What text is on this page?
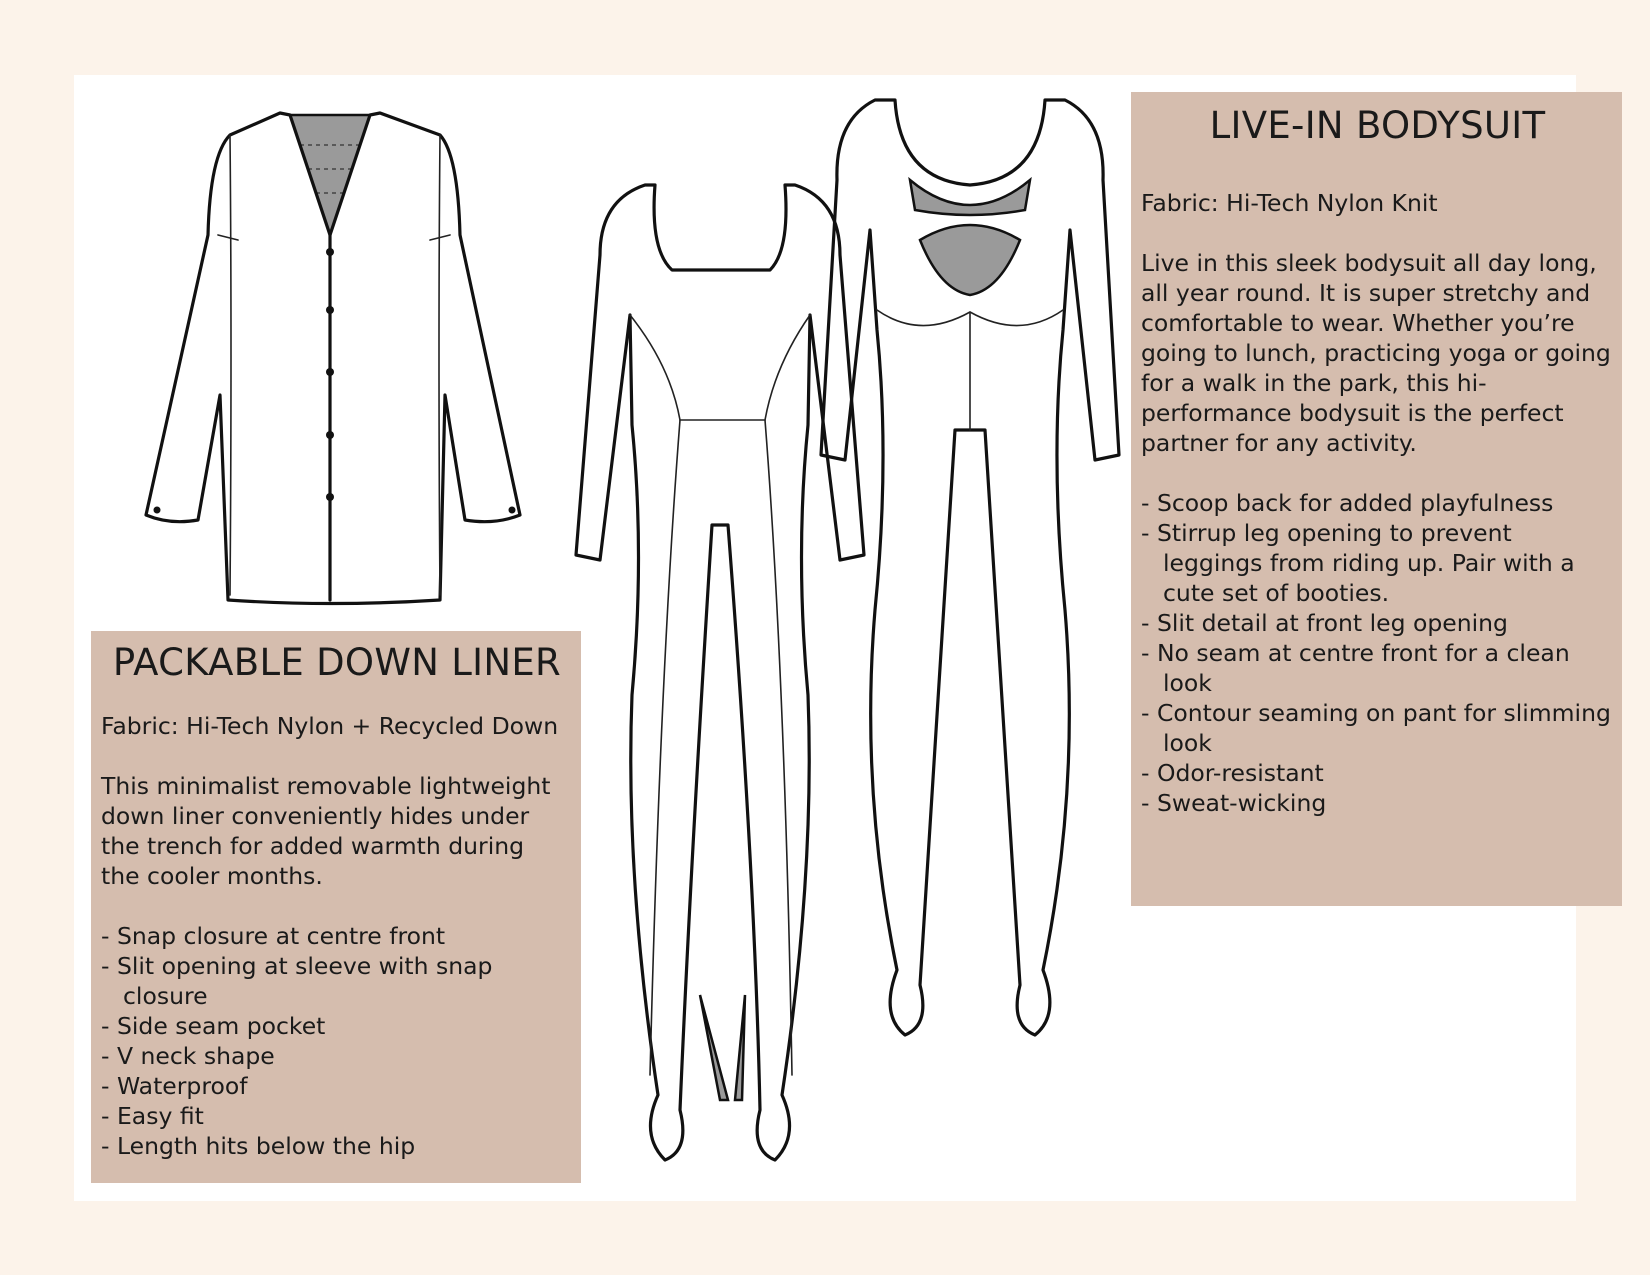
PACKABLE DOWN LINER

Fabric: Hi-Tech Nylon + Recycled Down

This minimalist removable lightweight down liner conveniently hides under the trench for added warmth during the cooler months.

- Snap closure at centre front
- Slit opening at sleeve with snap closure
- Side seam pocket
- V neck shape
- Waterproof
- Easy fit
- Length hits below the hip
LIVE-IN BODYSUIT

Fabric: Hi-Tech Nylon Knit

Live in this sleek bodysuit all day long, all year round. It is super stretchy and comfortable to wear. Whether you’re going to lunch, practicing yoga or going for a walk in the park, this hi-performance bodysuit is the perfect partner for any activity.

- Scoop back for added playfulness
- Stirrup leg opening to prevent leggings from riding up. Pair with a cute set of booties.
- Slit detail at front leg opening
- No seam at centre front for a clean look
- Contour seaming on pant for slimming look
- Odor-resistant
- Sweat-wicking
